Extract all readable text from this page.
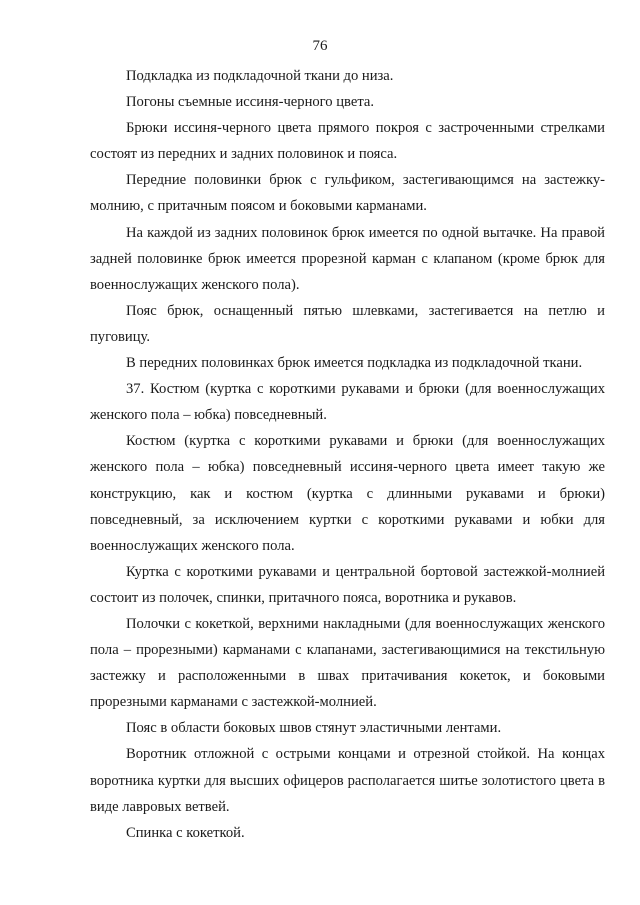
76

Подкладка из подкладочной ткани до низа.

Погоны съемные иссиня-черного цвета.

Брюки иссиня-черного цвета прямого покроя с застроченными стрелками состоят из передних и задних половинок и пояса.

Передние половинки брюк с гульфиком, застегивающимся на застежку-молнию, с притачным поясом и боковыми карманами.

На каждой из задних половинок брюк имеется по одной вытачке. На правой задней половинке брюк имеется прорезной карман с клапаном (кроме брюк для военнослужащих женского пола).

Пояс брюк, оснащенный пятью шлевками, застегивается на петлю и пуговицу.

В передних половинках брюк имеется подкладка из подкладочной ткани.

37. Костюм (куртка с короткими рукавами и брюки (для военнослужащих женского пола – юбка) повседневный.

Костюм (куртка с короткими рукавами и брюки (для военнослужащих женского пола – юбка) повседневный иссиня-черного цвета имеет такую же конструкцию, как и костюм (куртка с длинными рукавами и брюки) повседневный, за исключением куртки с короткими рукавами и юбки для военнослужащих женского пола.

Куртка с короткими рукавами и центральной бортовой застежкой-молнией состоит из полочек, спинки, притачного пояса, воротника и рукавов.

Полочки с кокеткой, верхними накладными (для военнослужащих женского пола – прорезными) карманами с клапанами, застегивающимися на текстильную застежку и расположенными в швах притачивания кокеток, и боковыми прорезными карманами с застежкой-молнией.

Пояс в области боковых швов стянут эластичными лентами.

Воротник отложной с острыми концами и отрезной стойкой. На концах воротника куртки для высших офицеров располагается шитье золотистого цвета в виде лавровых ветвей.

Спинка с кокеткой.
